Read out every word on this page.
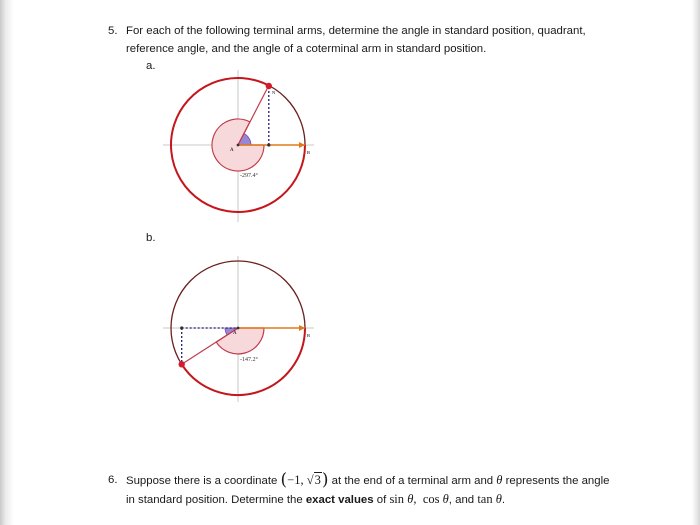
5. For each of the following terminal arms, determine the angle in standard position, quadrant,
reference angle, and the angle of a coterminal arm in standard position.
a.
b.
A	B
N
-297.4°
A	B
-147.2°
6. Suppose there is a coordinate (−1, √3) at the end of a terminal arm and θ represents the angle
in standard position. Determine the exact values of sin θ, cos θ, and tan θ.
